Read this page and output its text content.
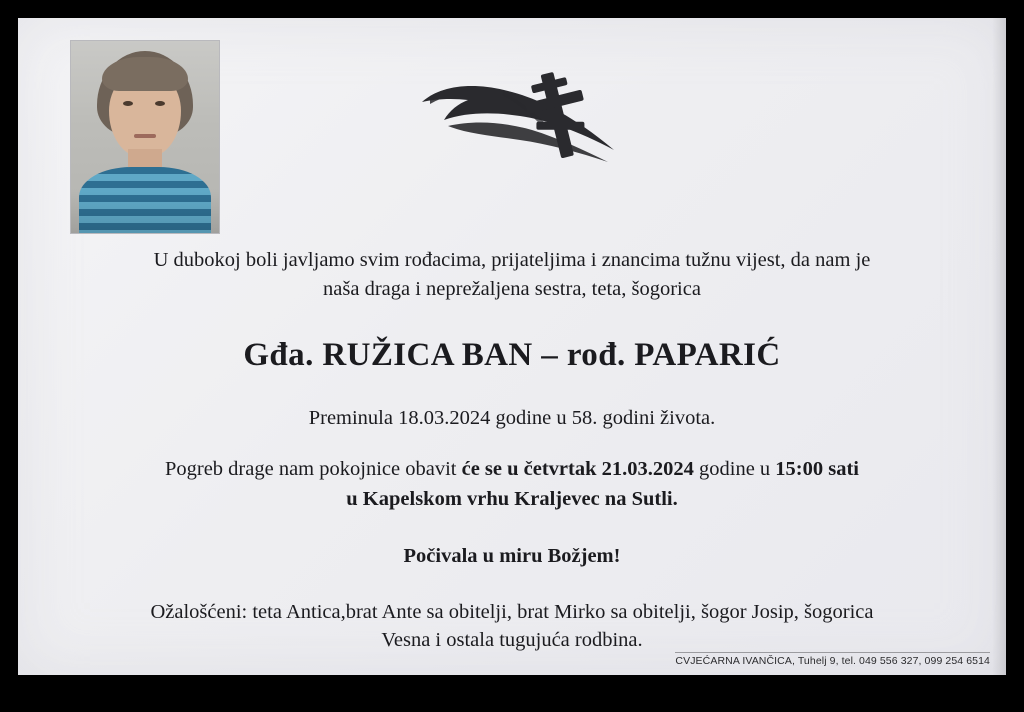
U dubokoj boli javljamo svim rođacima, prijateljima i znancima tužnu vijest, da nam je
naša draga i neprežaljena sestra, teta, šogorica

Gđa. RUŽICA BAN – rođ. PAPARIĆ

Preminula 18.03.2024 godine u 58. godini života.

Pogreb drage nam pokojnice obavit će se u četvrtak 21.03.2024 godine u 15:00 sati
u Kapelskom vrhu Kraljevec na Sutli.

Počivala u miru Božjem!

Ožalošćeni: teta Antica,brat Ante sa obitelji, brat Mirko sa obitelji, šogor Josip, šogorica
Vesna i ostala tugujuća rodbina.

CVJEĆARNA IVANČICA, Tuhelj 9, tel. 049 556 327, 099 254 6514
